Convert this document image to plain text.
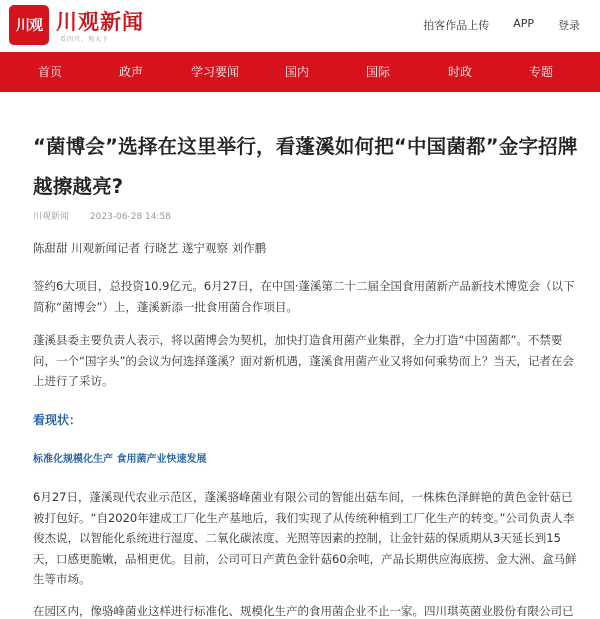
川观 川观新闻
看四川，观天下
拍客作品上传 APP 登录
首页	政声	学习要闻	国内	国际	时政	专题
“菌博会”选择在这里举行，看蓬溪如何把“中国菌都”金字招牌越擦越亮?
川观新闻 2023-06-28 14:58
陈甜甜 川观新闻记者 行晓艺 遂宁观察 刘作鹏

签约6大项目，总投资10.9亿元。6月27日，在中国·蓬溪第二十二届全国食用菌新产品新技术博览会（以下简称“菌博会”）上，蓬溪新添一批食用菌合作项目。

蓬溪县委主要负责人表示，将以菌博会为契机，加快打造食用菌产业集群，全力打造“中国菌都”。不禁要问，一个“国字头”的会议为何选择蓬溪？面对新机遇，蓬溪食用菌产业又将如何乘势而上？当天，记者在会上进行了采访。

看现状：
标准化规模化生产 食用菌产业快速发展

6月27日，蓬溪现代农业示范区，蓬溪骆峰菌业有限公司的智能出菇车间，一株株色泽鲜艳的黄色金针菇已被打包好。“自2020年建成工厂化生产基地后，我们实现了从传统种植到工厂化生产的转变。”公司负责人李俊杰说，以智能化系统进行湿度、二氧化碳浓度、光照等因素的控制，让金针菇的保质期从3天延长到15天，口感更脆嫩，品相更优。目前，公司可日产黄色金针菇60余吨，产品长期供应海底捞、金大洲、盒马鲜生等市场。

在园区内，像骆峰菌业这样进行标准化、规模化生产的食用菌企业不止一家。四川琪英菌业股份有限公司已
